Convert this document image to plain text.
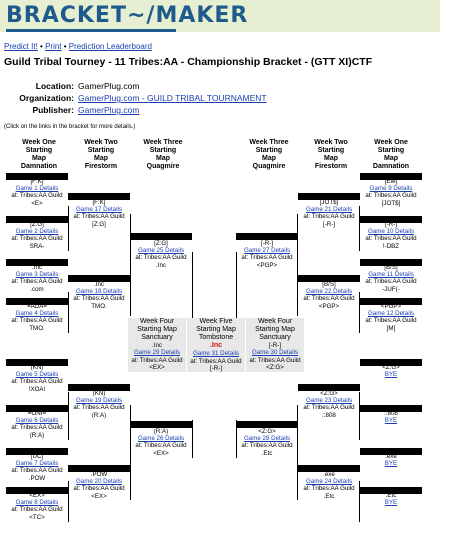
BRACKET~/MAKER
Predict It! • Print • Prediction Leaderboard
Guild Tribal Tourney - 11 Tribes:AA - Championship Bracket - (GTT XI)CTF
Location: GamerPlug.com
Organization: GamerPlug.com - GUILD TRIBAL TOURNAMENT
Publisher: GamerPlug.com
(Click on the links in the bracket for more details.)
Week One
Starting
Map
Damnation
Week Two
Starting
Map
Firestorm
Week Three
Starting
Map
Quagmire
Week Three
Starting
Map
Quagmire
Week Two
Starting
Map
Firestorm
Week One
Starting
Map
Damnation
[F:K]
Game 1 Details
at: Tribes:AA Guild
<E>
[Z:G]
Game 2 Details
at: Tribes:AA Guild
SRA-
.Inc
Game 3 Details
at: Tribes:AA Guild
.com
=ADA=
Game 4 Details
at: Tribes:AA Guild
TMO.
(KN)
Game 5 Details
at: Tribes:AA Guild
!XOA!
=ONI=
Game 6 Details
at: Tribes:AA Guild
(R:A)
[UC]
Game 7 Details
at: Tribes:AA Guild
.POW
<EX>
Game 8 Details
at: Tribes:AA Guild
<TC>
[F:K]
Game 17 Details
at: Tribes:AA Guild
[Z:G]
.Inc
Game 18 Details
at: Tribes:AA Guild
TMO.
(KN)
Game 19 Details
at: Tribes:AA Guild
(R:A)
.POW
Game 20 Details
at: Tribes:AA Guild
<EX>
[Z:G]
Game 25 Details
at: Tribes:AA Guild
.Inc
(R:A)
Game 26 Details
at: Tribes:AA Guild
<EX>
[EM]
Game 9 Details
at: Tribes:AA Guild
[JOT$]
[-R-]
Game 10 Details
at: Tribes:AA Guild
!-DBZ
[B/S]
Game 11 Details
at: Tribes:AA Guild
-JUF(-
<PGP>
Game 12 Details
at: Tribes:AA Guild
]M[
<Z:G>
BYE
::808
BYE
.exe
BYE
.Etc
BYE
[JOT$]
Game 21 Details
at: Tribes:AA Guild
[-R-]
[B/S]
Game 22 Details
at: Tribes:AA Guild
<PGP>
<Z:G>
Game 23 Details
at: Tribes:AA Guild
::808
.exe
Game 24 Details
at: Tribes:AA Guild
.Etc
[-R-]
Game 27 Details
at: Tribes:AA Guild
<PGP>
<Z:G>
Game 28 Details
at: Tribes:AA Guild
.Etc
Week Four
Starting Map
Sanctuary
.Inc
Game 29 Details
at: Tribes:AA Guild
<EX>
Week Five
Starting Map
Tombstone
.Inc
Game 31 Details
at: Tribes:AA Guild
[-R-]
Week Four
Starting Map
Sanctuary
[-R-]
Game 30 Details
at: Tribes:AA Guild
<Z:G>
